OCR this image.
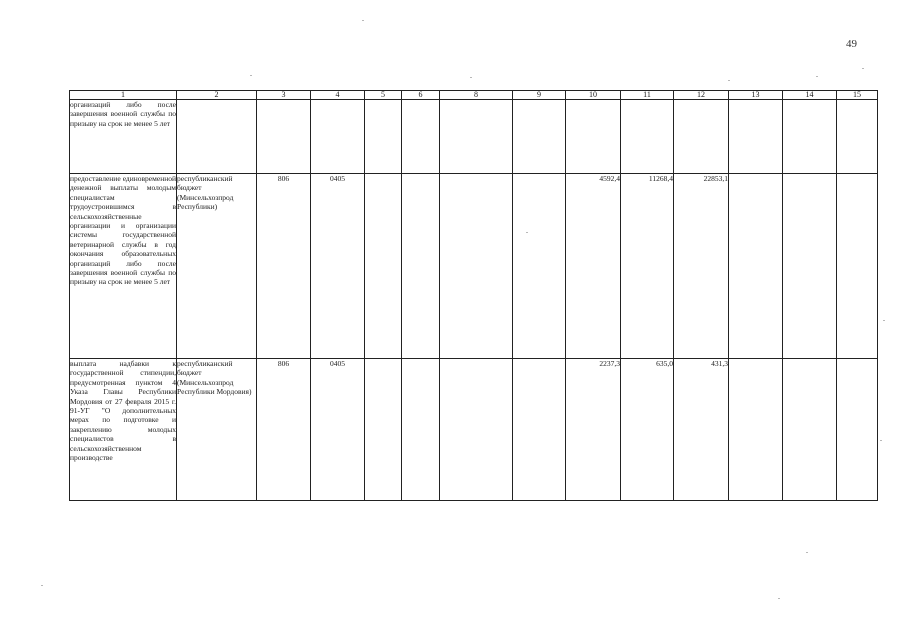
49
1	2	3	4	5	6	8	9	10	11	12	13	14	15
организаций либо после завершения военной службы по призыву на срок не менее 5 лет													
предоставление единовременной денежной выплаты молодым специалистам трудоустроившимся в сельскохозяйственные организации и организации системы государственной ветеринарной службы в год окончания образовательных организаций либо после завершения военной службы по призыву на срок не менее 5 лет	республиканский бюджет (Минсельхозпрод Республики)	806	0405					4592,4	11268,4	22853,1			
выплата надбавки к государственной стипендии, предусмотренная пунктом 4 Указа Главы Республики Мордовия от 27 февраля 2015 г. 91-УГ "О дополнительных мерах по подготовке и закреплению молодых специалистов в сельскохозяйственном производстве	республиканский бюджет (Минсельхозпрод Республики Мордовия)	806	0405					2237,3	635,0	431,3			
